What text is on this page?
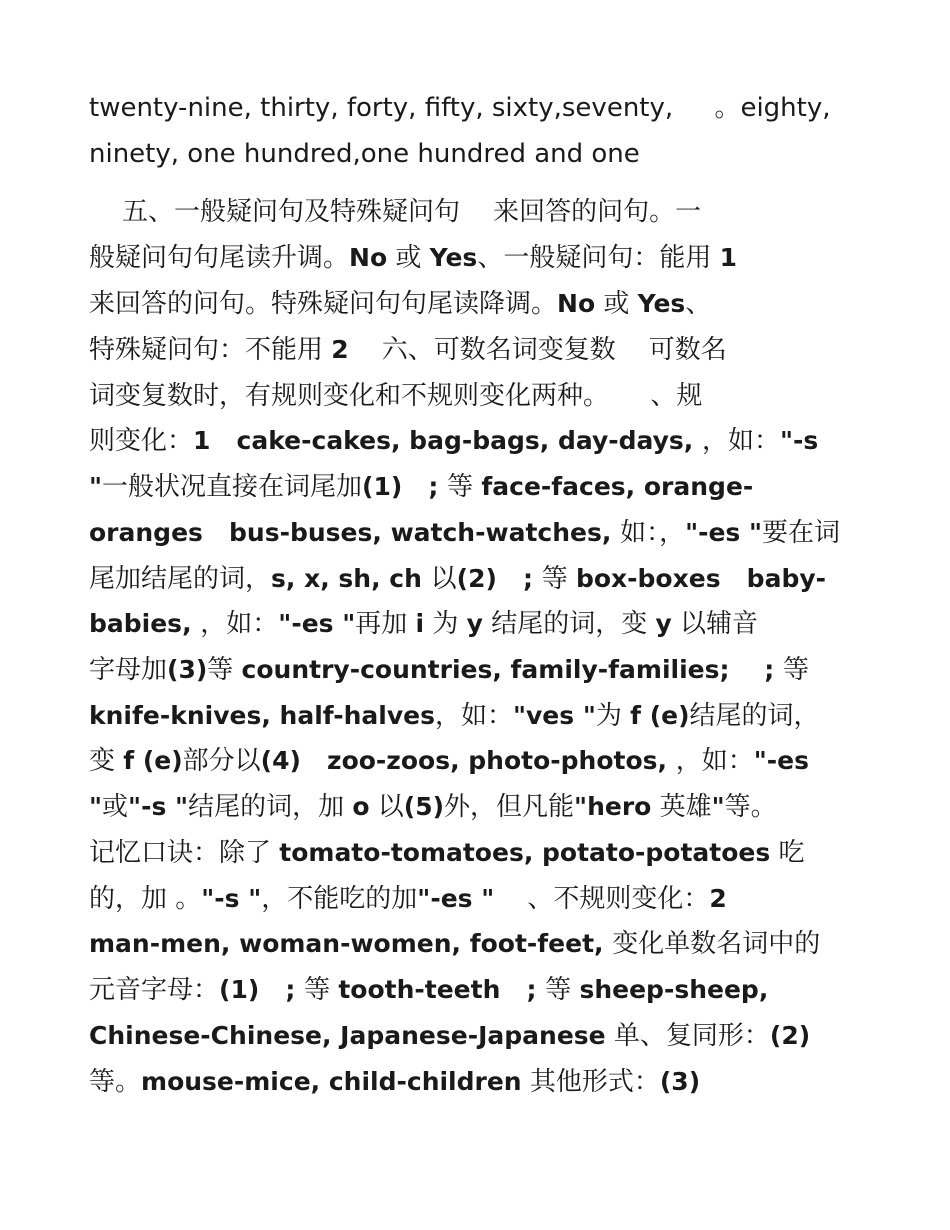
twenty-nine, thirty, forty, fifty, sixty,seventy,     。eighty,
ninety, one hundred,one hundred and one
五、一般疑问句及特殊疑问句    来回答的问句。一
般疑问句句尾读升调。No 或 Yes、一般疑问句：能用 1
来回答的问句。特殊疑问句句尾读降调。No 或 Yes、
特殊疑问句：不能用 2    六、可数名词变复数    可数名
词变复数时，有规则变化和不规则变化两种。     、规
则变化：1   cake-cakes, bag-bags, day-days, ，如："-s
"一般状况直接在词尾加(1)   ; 等 face-faces, orange-
oranges   bus-buses, watch-watches, 如：，"-es "要在词
尾加结尾的词，s, x, sh, ch 以(2)   ; 等 box-boxes   baby-
babies, ，如："-es "再加 i 为 y 结尾的词，变 y 以辅音
字母加(3)等 country-countries, family-families;    ; 等
knife-knives, half-halves，如："ves "为 f (e)结尾的词，
变 f (e)部分以(4)   zoo-zoos, photo-photos, ，如："-es
"或"-s "结尾的词，加 o 以(5)外，但凡能"hero 英雄"等。
记忆口诀：除了 tomato-tomatoes, potato-potatoes 吃
的，加 。"-s "，不能吃的加"-es "    、不规则变化：2
man-men, woman-women, foot-feet, 变化单数名词中的
元音字母：(1)   ; 等 tooth-teeth   ; 等 sheep-sheep,
Chinese-Chinese, Japanese-Japanese 单、复同形：(2)
等。mouse-mice, child-children 其他形式：(3)
